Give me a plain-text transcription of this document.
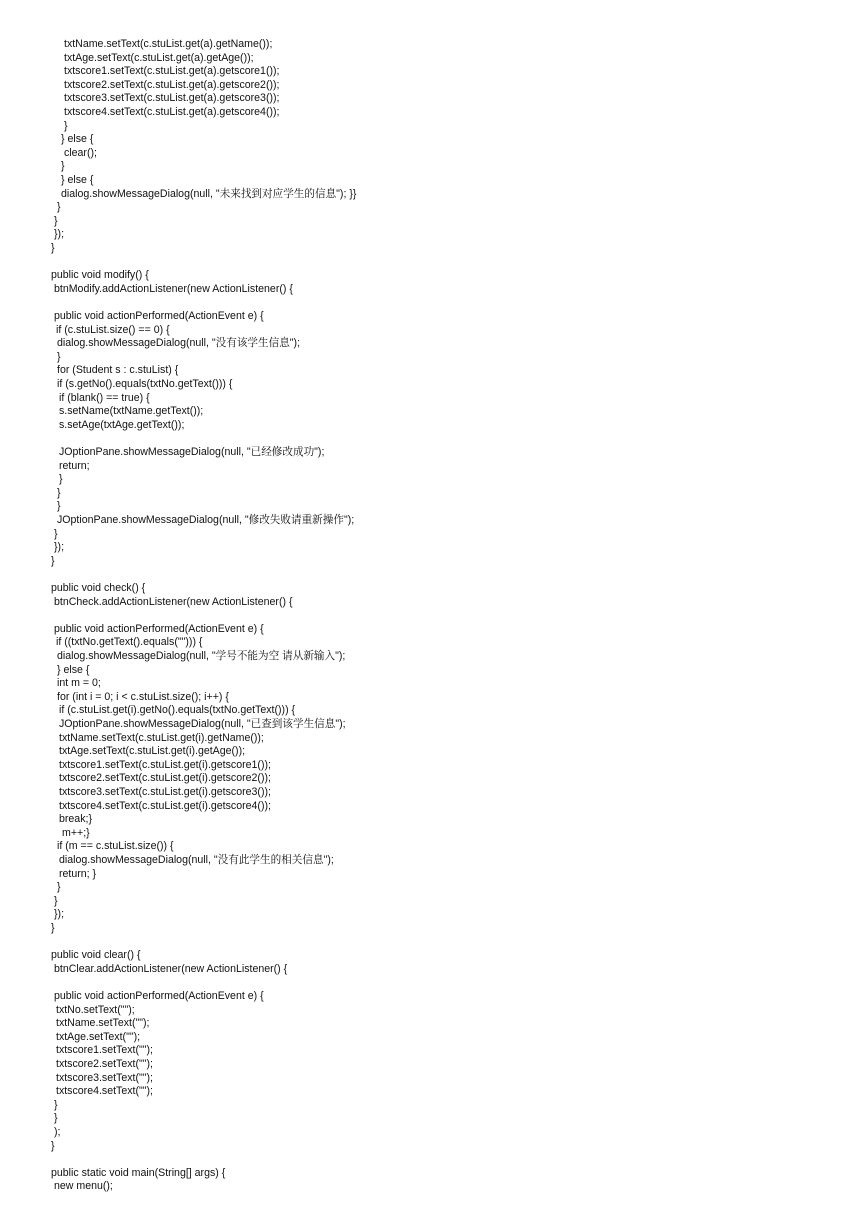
txtName.setText(c.stuList.get(a).getName());
txtAge.setText(c.stuList.get(a).getAge());
txtscore1.setText(c.stuList.get(a).getscore1());
txtscore2.setText(c.stuList.get(a).getscore2());
txtscore3.setText(c.stuList.get(a).getscore3());
txtscore4.setText(c.stuList.get(a).getscore4());
}
} else {
clear();
}
} else {
dialog.showMessageDialog(null, "未来找到对应学生的信息"); }}
}
}
});
}
public void modify() {
btnModify.addActionListener(new ActionListener() {
public void actionPerformed(ActionEvent e) {
if (c.stuList.size() == 0) {
dialog.showMessageDialog(null, "没有该学生信息");
}
for (Student s : c.stuList) {
if (s.getNo().equals(txtNo.getText())) {
if (blank() == true) {
s.setName(txtName.getText());
s.setAge(txtAge.getText());
JOptionPane.showMessageDialog(null, "已经修改成功");
return;
}
}
}
JOptionPane.showMessageDialog(null, "修改失败请重新操作");
}
});
}
public void check() {
btnCheck.addActionListener(new ActionListener() {
public void actionPerformed(ActionEvent e) {
if ((txtNo.getText().equals(""))) {
dialog.showMessageDialog(null, "学号不能为空 请从新输入");
} else {
int m = 0;
for (int i = 0; i < c.stuList.size(); i++) {
if (c.stuList.get(i).getNo().equals(txtNo.getText())) {
JOptionPane.showMessageDialog(null, "已查到该学生信息");
txtName.setText(c.stuList.get(i).getName());
txtAge.setText(c.stuList.get(i).getAge());
txtscore1.setText(c.stuList.get(i).getscore1());
txtscore2.setText(c.stuList.get(i).getscore2());
txtscore3.setText(c.stuList.get(i).getscore3());
txtscore4.setText(c.stuList.get(i).getscore4());
break;}
m++;}
if (m == c.stuList.size()) {
dialog.showMessageDialog(null, "没有此学生的相关信息");
return; }
}
}
});
}
public void clear() {
btnClear.addActionListener(new ActionListener() {
public void actionPerformed(ActionEvent e) {
txtNo.setText("");
txtName.setText("");
txtAge.setText("");
txtscore1.setText("");
txtscore2.setText("");
txtscore3.setText("");
txtscore4.setText("");
}
}
);
}
public static void main(String[] args) {
new menu();
